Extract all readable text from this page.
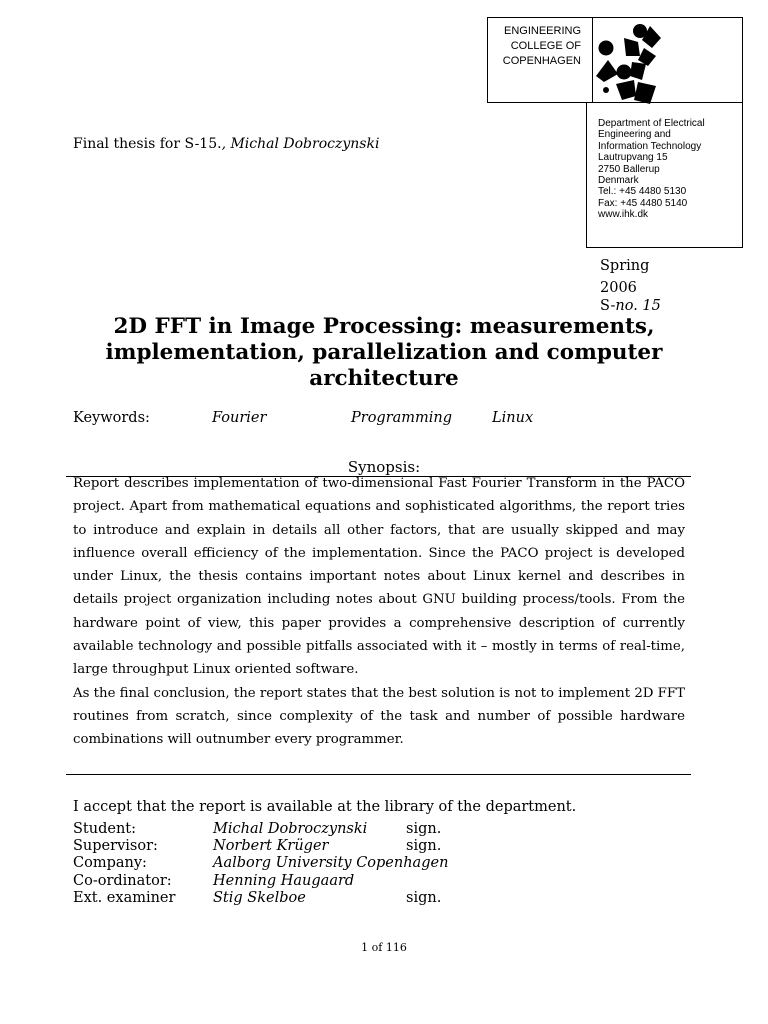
ENGINEERING
COLLEGE OF
COPENHAGEN
Department of Electrical
Engineering and
Information Technology
Lautrupvang 15
2750 Ballerup
Denmark
Tel.: +45 4480 5130
Fax: +45 4480 5140
www.ihk.dk
Final thesis for S-15., Michal Dobroczynski
Spring
2006
S-no. 15
2D FFT in Image Processing: measurements,
implementation, parallelization and computer
architecture
Keywords:	Fourier	Programming	Linux
Synopsis:

Report describes implementation of two-dimensional Fast Fourier Transform in the PACO project. Apart from mathematical equations and sophisticated algorithms, the report tries to introduce and explain in details all other factors, that are usually skipped and may influence overall efficiency of the implementation. Since the PACO project is developed under Linux, the thesis contains important notes about Linux kernel and describes in details project organization including notes about GNU building process/tools. From the hardware point of view, this paper provides a comprehensive description of currently available technology and possible pitfalls associated with it – mostly in terms of real-time, large throughput Linux oriented software.

As the final conclusion, the report states that the best solution is not to implement 2D FFT routines from scratch, since complexity of the task and number of possible hardware combinations will outnumber every programmer.

I accept that the report is available at the library of the department.
Student:	Michal Dobroczynski	sign.
Supervisor:	Norbert Krüger	sign.
Company:	Aalborg University Copenhagen
Co-ordinator:	Henning Haugaard
Ext. examiner	Stig Skelboe	sign.
1 of 116
